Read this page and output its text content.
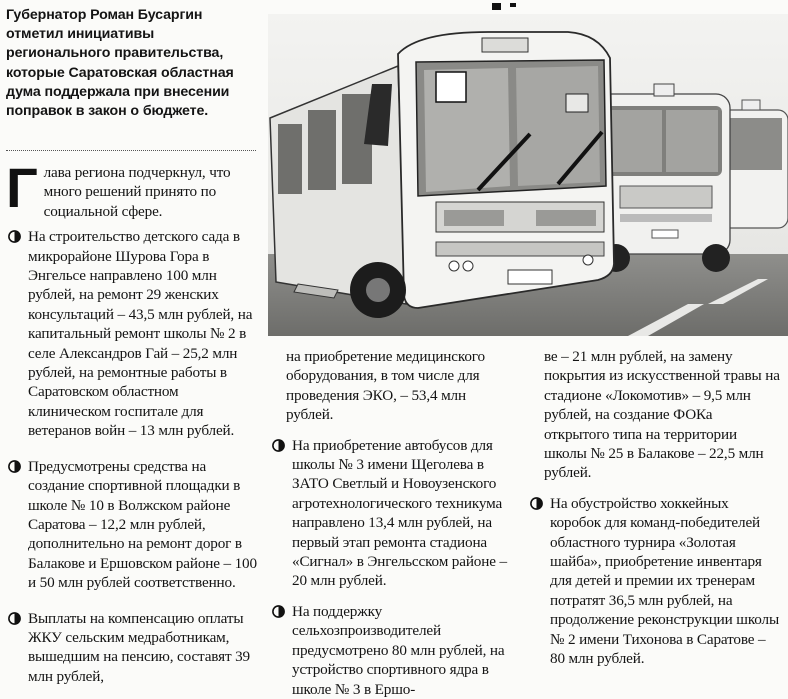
Губернатор Роман Бусаргин отметил инициативы регионального правительства, которые Саратовская областная дума поддержала при внесении поправок в закон о бюджете.

Глава региона подчеркнул, что много решений принято по социальной сфере.

На строительство детского сада в микрорайоне Шурова Гора в Энгельсе направлено 100 млн рублей, на ремонт 29 женских консультаций – 43,5 млн рублей, на капитальный ремонт школы № 2 в селе Александров Гай – 25,2 млн рублей, на ремонтные работы в Саратовском областном клиническом госпитале для ветеранов войн – 13 млн рублей.

Предусмотрены средства на создание спортивной площадки в школе № 10 в Волжском районе Саратова – 12,2 млн рублей, дополнительно на ремонт дорог в Балакове и Ершовском районе – 100 и 50 млн рублей соответственно.

Выплаты на компенсацию оплаты ЖКУ сельским медработникам, вышедшим на пенсию, составят 39 млн рублей,

на приобретение медицинского оборудования, в том числе для проведения ЭКО, – 53,4 млн рублей.

На приобретение автобусов для школы № 3 имени Щеголева в ЗАТО Светлый и Новоузенского агротехнологического техникума направлено 13,4 млн рублей, на первый этап ремонта стадиона «Сигнал» в Энгельсском районе – 20 млн рублей.

На поддержку сельхозпроизводителей предусмотрено 80 млн рублей, на устройство спортивного ядра в школе № 3 в Ершо-

ве – 21 млн рублей, на замену покрытия из искусственной травы на стадионе «Локомотив» – 9,5 млн рублей, на создание ФОКа открытого типа на территории школы № 25 в Балакове – 22,5 млн рублей.

На обустройство хоккейных коробок для команд-победителей областного турнира «Золотая шайба», приобретение инвентаря для детей и премии их тренерам потратят 36,5 млн рублей, на продолжение реконструкции школы № 2 имени Тихонова в Саратове – 80 млн рублей.
